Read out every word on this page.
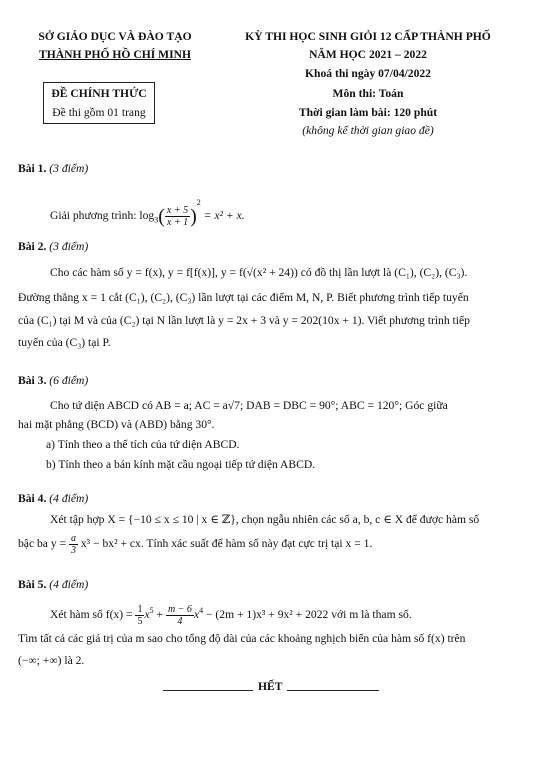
SỞ GIÁO DỤC VÀ ĐÀO TẠO
THÀNH PHỐ HỒ CHÍ MINH
KỲ THI HỌC SINH GIỎI 12 CẤP THÀNH PHỐ
NĂM HỌC 2021 – 2022
Khoá thi ngày 07/04/2022
ĐỀ CHÍNH THỨC
Đề thi gồm 01 trang
Môn thi: Toán
Thời gian làm bài: 120 phút
(không kể thời gian giao đề)
Bài 1. (3 điểm)
Giải phương trình: $\log_3( \frac{x + 5}{x + 1} )^2 = x^2 + x$.
Bài 2. (3 điểm)
Cho các hàm số y = f(x), y = f[f(x)], y = f(√(x² + 24)) có đồ thị lần lượt là (C₁), (C₂), (C₃).
Đường thẳng x = 1 cắt (C₁), (C₂), (C₃) lần lượt tại các điểm M, N, P. Biết phương trình tiếp tuyến
của (C₁) tại M và của (C₂) tại N lần lượt là y = 2x + 3 và y = 202(10x + 1). Viết phương trình tiếp
tuyến của (C₃) tại P.
Bài 3. (6 điểm)
Cho tứ diện ABCD có AB = a; AC = a√7; DAB = DBC = 90°; ABC = 120°; Góc giữa
hai mặt phẳng (BCD) và (ABD) bằng 30°.
a) Tính theo a thể tích của tứ diện ABCD.
b) Tính theo a bán kính mặt cầu ngoại tiếp tứ diện ABCD.
Bài 4. (4 điểm)
Xét tập hợp X = {−10 ≤ x ≤ 10 | x ∈ ℤ}, chọn ngẫu nhiên các số a, b, c ∈ X để được hàm số
bậc ba $y = \frac{a}{3} x^3 - bx^2$ + cx. Tính xác suất để hàm số này đạt cực trị tại x = 1.
Bài 5. (4 điểm)
Xét hàm số $f(x) = \frac{1}{5} x^5 + \frac{m - 6}{4} x^4 - (2m + 1)x^3 + 9x^2 + 2022$ với m là tham số.
Tìm tất cả các giá trị của m sao cho tổng độ dài của các khoảng nghịch biến của hàm số f(x) trên
(−∞; +∞) là 2.
HẾT
